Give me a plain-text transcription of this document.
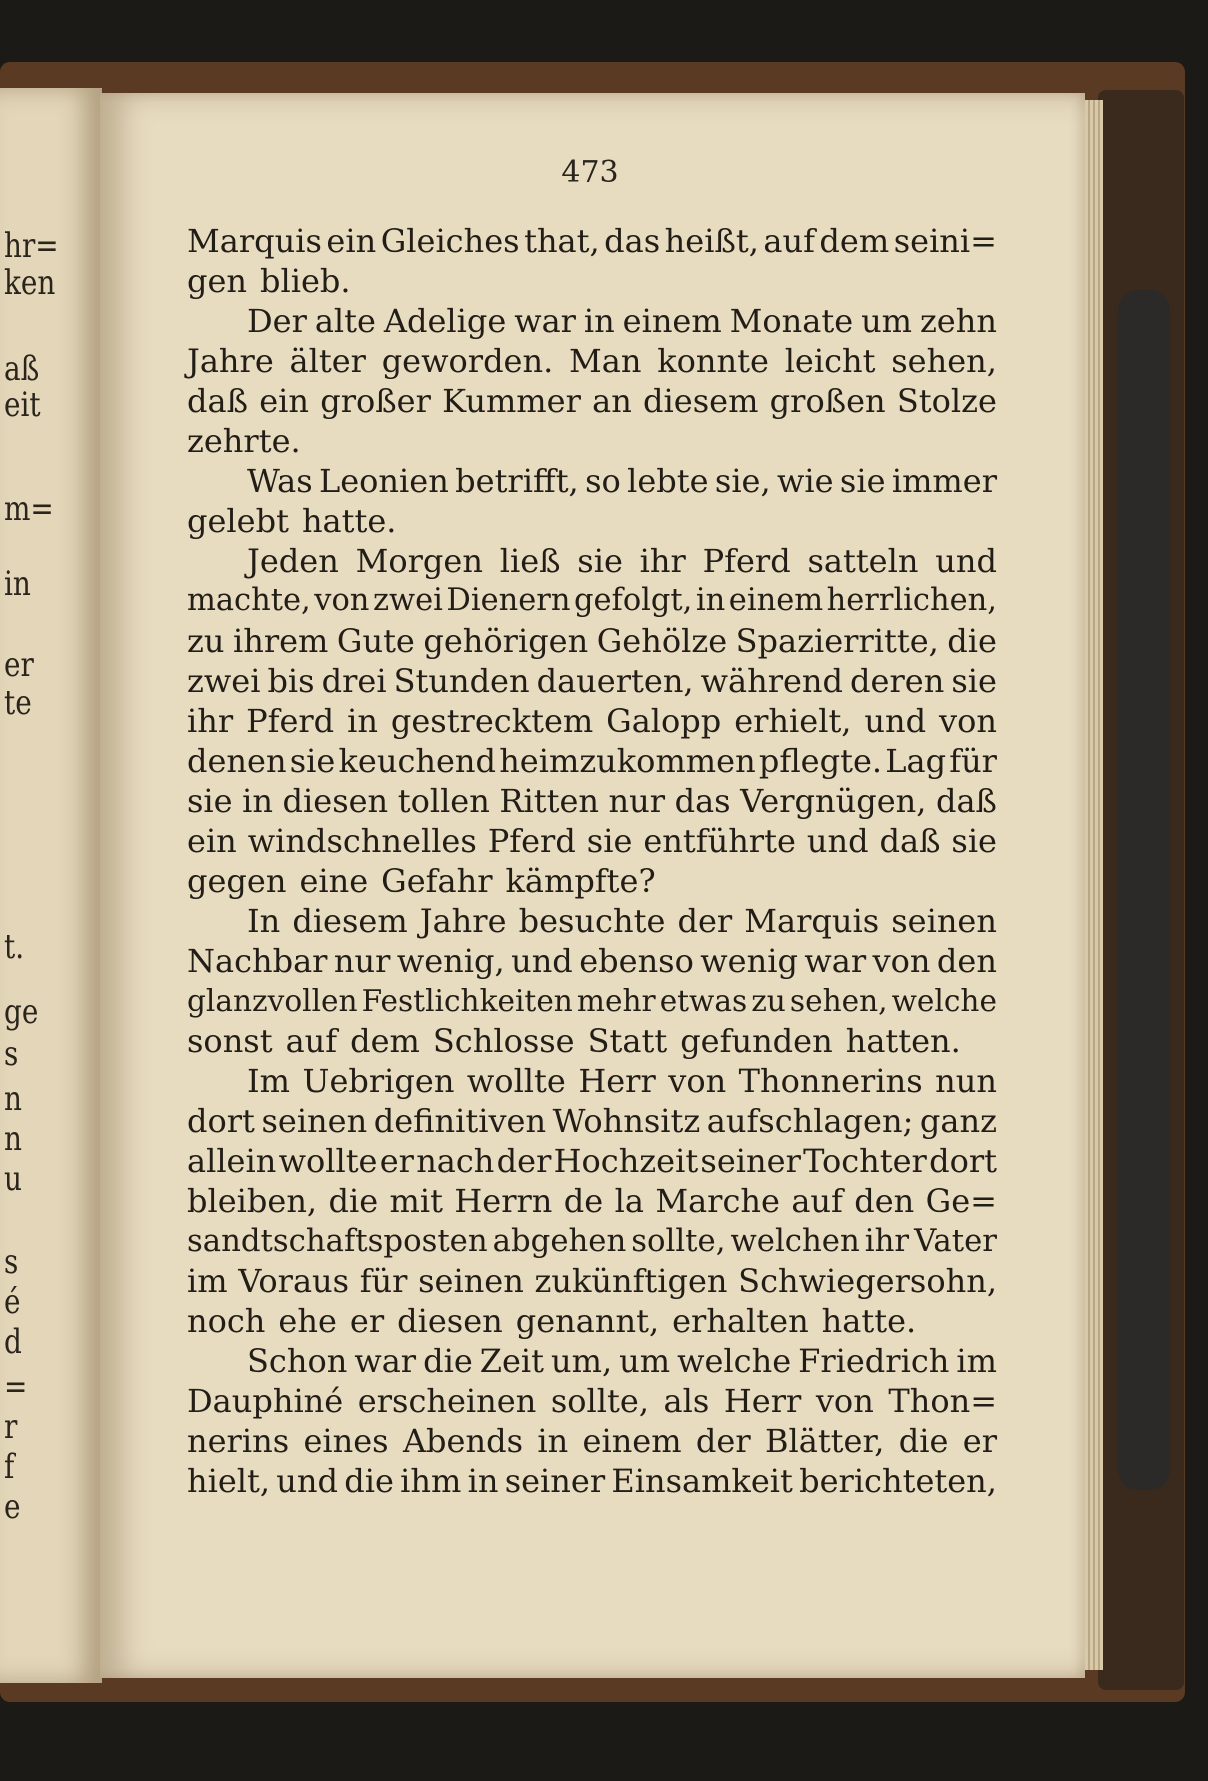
hr=

ken

aß

eit

m=

in

er

te

t.

ge

s

n

n

u

s

é

d

=

r

f

e

473

Marquis ein Gleiches that, das heißt, auf dem seini=

gen blieb.

Der alte Adelige war in einem Monate um zehn

Jahre älter geworden. Man konnte leicht sehen,

daß ein großer Kummer an diesem großen Stolze

zehrte.

Was Leonien betrifft, so lebte sie, wie sie immer

gelebt hatte.

Jeden Morgen ließ sie ihr Pferd satteln und

machte, von zwei Dienern gefolgt, in einem herrlichen,

zu ihrem Gute gehörigen Gehölze Spazierritte, die

zwei bis drei Stunden dauerten, während deren sie

ihr Pferd in gestrecktem Galopp erhielt, und von

denen sie keuchend heimzukommen pflegte. Lag für

sie in diesen tollen Ritten nur das Vergnügen, daß

ein windschnelles Pferd sie entführte und daß sie

gegen eine Gefahr kämpfte?

In diesem Jahre besuchte der Marquis seinen

Nachbar nur wenig, und ebenso wenig war von den

glanzvollen Festlichkeiten mehr etwas zu sehen, welche

sonst auf dem Schlosse Statt gefunden hatten.

Im Uebrigen wollte Herr von Thonnerins nun

dort seinen definitiven Wohnsitz aufschlagen; ganz

allein wollte er nach der Hochzeit seiner Tochter dort

bleiben, die mit Herrn de la Marche auf den Ge=

sandtschaftsposten abgehen sollte, welchen ihr Vater

im Voraus für seinen zukünftigen Schwiegersohn,

noch ehe er diesen genannt, erhalten hatte.

Schon war die Zeit um, um welche Friedrich im

Dauphiné erscheinen sollte, als Herr von Thon=

nerins eines Abends in einem der Blätter, die er

hielt, und die ihm in seiner Einsamkeit berichteten,
